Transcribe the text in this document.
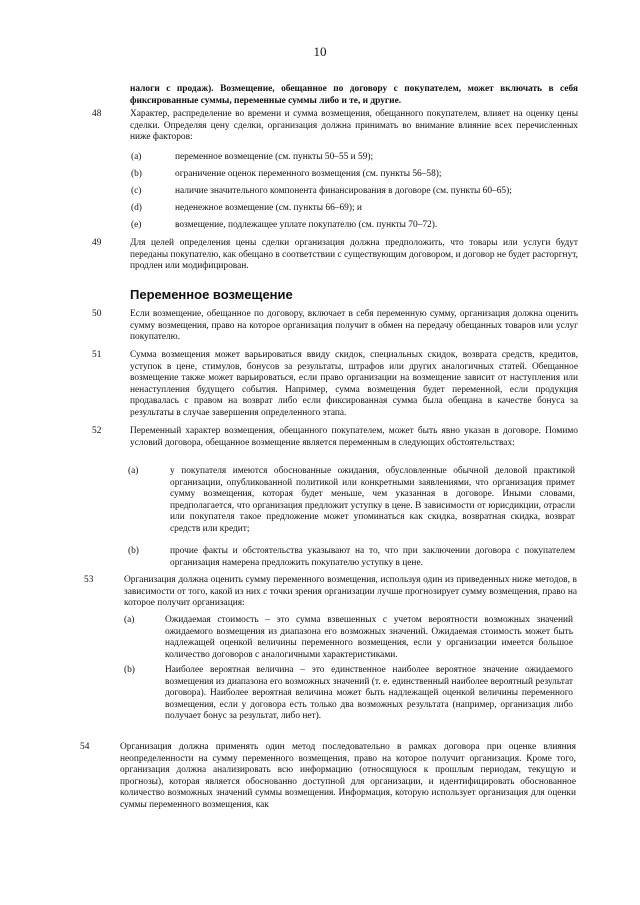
10

налоги с продаж). Возмещение, обещанное по договору с покупателем, может включать в себя фиксированные суммы, переменные суммы либо и те, и другие.

48	Характер, распределение во времени и сумма возмещения, обещанного покупателем, влияет на оценку цены сделки. Определяя цену сделки, организация должна принимать во внимание влияние всех перечисленных ниже факторов:

(a)	переменное возмещение (см. пункты 50–55 и 59);

(b)	ограничение оценок переменного возмещения (см. пункты 56–58);

(c)	наличие значительного компонента финансирования в договоре (см. пункты 60–65);

(d)	неденежное возмещение (см. пункты 66–69); и

(e)	возмещение, подлежащее уплате покупателю (см. пункты 70–72).

49	Для целей определения цены сделки организация должна предположить, что товары или услуги будут переданы покупателю, как обещано в соответствии с существующим договором, и договор не будет расторгнут, продлен или модифицирован.

Переменное возмещение
50	Если возмещение, обещанное по договору, включает в себя переменную сумму, организация должна оценить сумму возмещения, право на которое организация получит в обмен на передачу обещанных товаров или услуг покупателю.

51	Сумма возмещения может варьироваться ввиду скидок, специальных скидок, возврата средств, кредитов, уступок в цене, стимулов, бонусов за результаты, штрафов или других аналогичных статей. Обещанное возмещение также может варьироваться, если право организации на возмещение зависит от наступления или ненаступления будущего события. Например, сумма возмещения будет переменной, если продукция продавалась с правом на возврат либо если фиксированная сумма была обещана в качестве бонуса за результаты в случае завершения определенного этапа.

52	Переменный характер возмещения, обещанного покупателем, может быть явно указан в договоре. Помимо условий договора, обещанное возмещение является переменным в следующих обстоятельствах:

(a)	у покупателя имеются обоснованные ожидания, обусловленные обычной деловой практикой организации, опубликованной политикой или конкретными заявлениями, что организация примет сумму возмещения, которая будет меньше, чем указанная в договоре. Иными словами, предполагается, что организация предложит уступку в цене. В зависимости от юрисдикции, отрасли или покупателя такое предложение может упоминаться как скидка, возвратная скидка, возврат средств или кредит;

(b)	прочие факты и обстоятельства указывают на то, что при заключении договора с покупателем организация намерена предложить покупателю уступку в цене.

53	Организация должна оценить сумму переменного возмещения, используя один из приведенных ниже методов, в зависимости от того, какой из них с точки зрения организации лучше прогнозирует сумму возмещения, право на которое получит организация:

(a)	Ожидаемая стоимость – это сумма взвешенных с учетом вероятности возможных значений ожидаемого возмещения из диапазона его возможных значений. Ожидаемая стоимость может быть надлежащей оценкой величины переменного возмещения, если у организации имеется большое количество договоров с аналогичными характеристиками.

(b)	Наиболее вероятная величина – это единственное наиболее вероятное значение ожидаемого возмещения из диапазона его возможных значений (т. е. единственный наиболее вероятный результат договора). Наиболее вероятная величина может быть надлежащей оценкой величины переменного возмещения, если у договора есть только два возможных результата (например, организация либо получает бонус за результат, либо нет).

54	Организация должна применять один метод последовательно в рамках договора при оценке влияния неопределенности на сумму переменного возмещения, право на которое получит организация. Кроме того, организация должна анализировать всю информацию (относящуюся к прошлым периодам, текущую и прогнозы), которая является обоснованно доступной для организации, и идентифицировать обоснованное количество возможных значений суммы возмещения. Информация, которую использует организация для оценки суммы переменного возмещения, как
